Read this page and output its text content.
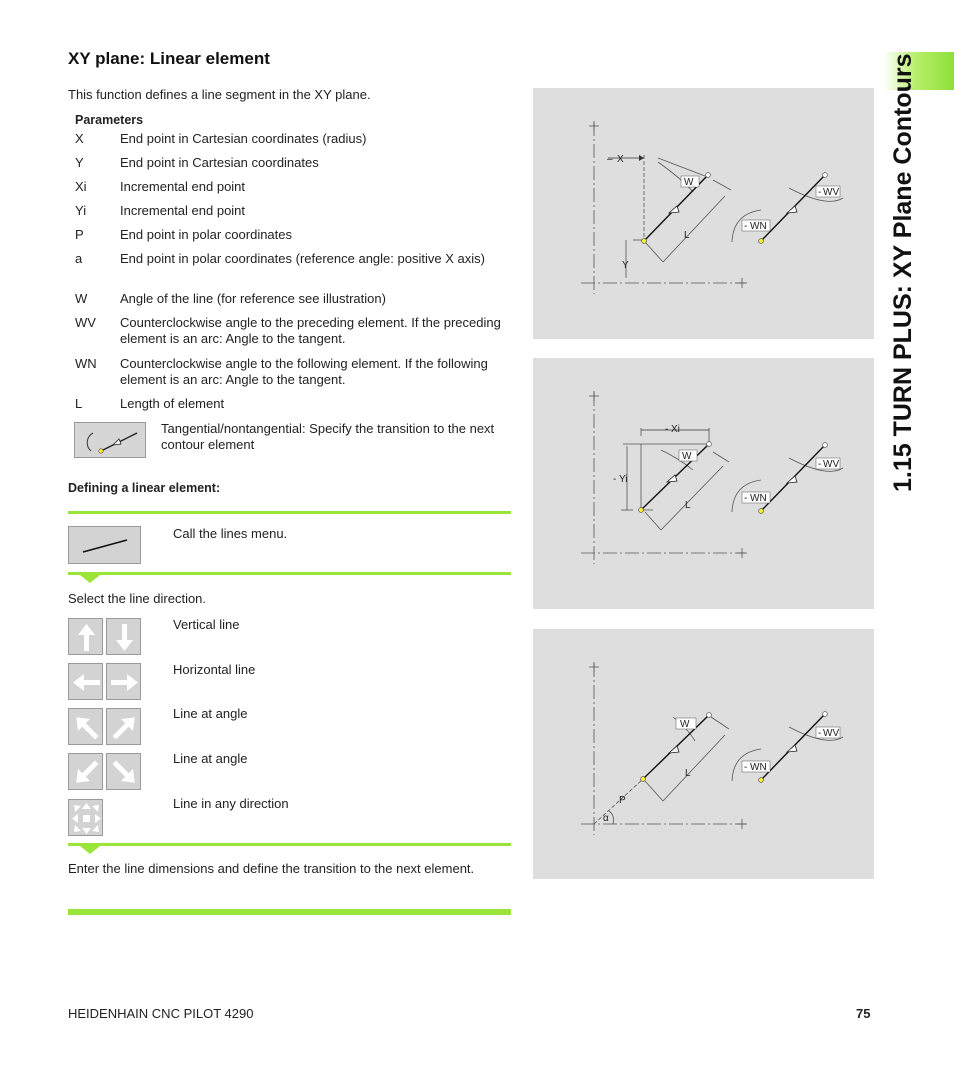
XY plane: Linear element
This function defines a line segment in the XY plane.
Parameters
X	End point in Cartesian coordinates (radius)
Y	End point in Cartesian coordinates
Xi	Incremental end point
Yi	Incremental end point
P	End point in polar coordinates
a	End point in polar coordinates (reference angle: positive X axis)
W	Angle of the line (for reference see illustration)
WV Counterclockwise angle to the preceding element. If the preceding element is an arc: Angle to the tangent.
WN Counterclockwise angle to the following element. If the following element is an arc: Angle to the tangent.
L	Length of element
Tangential/nontangential: Specify the transition to the next contour element
Defining a linear element:
Call the lines menu.
Select the line direction.
Vertical line
Horizontal line
Line at angle
Line at angle
Line in any direction
Enter the line dimensions and define the transition to the next element.
– X
Y
W
L
- WV
- WN
- Xi
- Yi
W
L
- WV
- WN
P
α
W
L
- WV
- WN
1.15 TURN PLUS: XY Plane Contours
HEIDENHAIN CNC PILOT 4290	75
